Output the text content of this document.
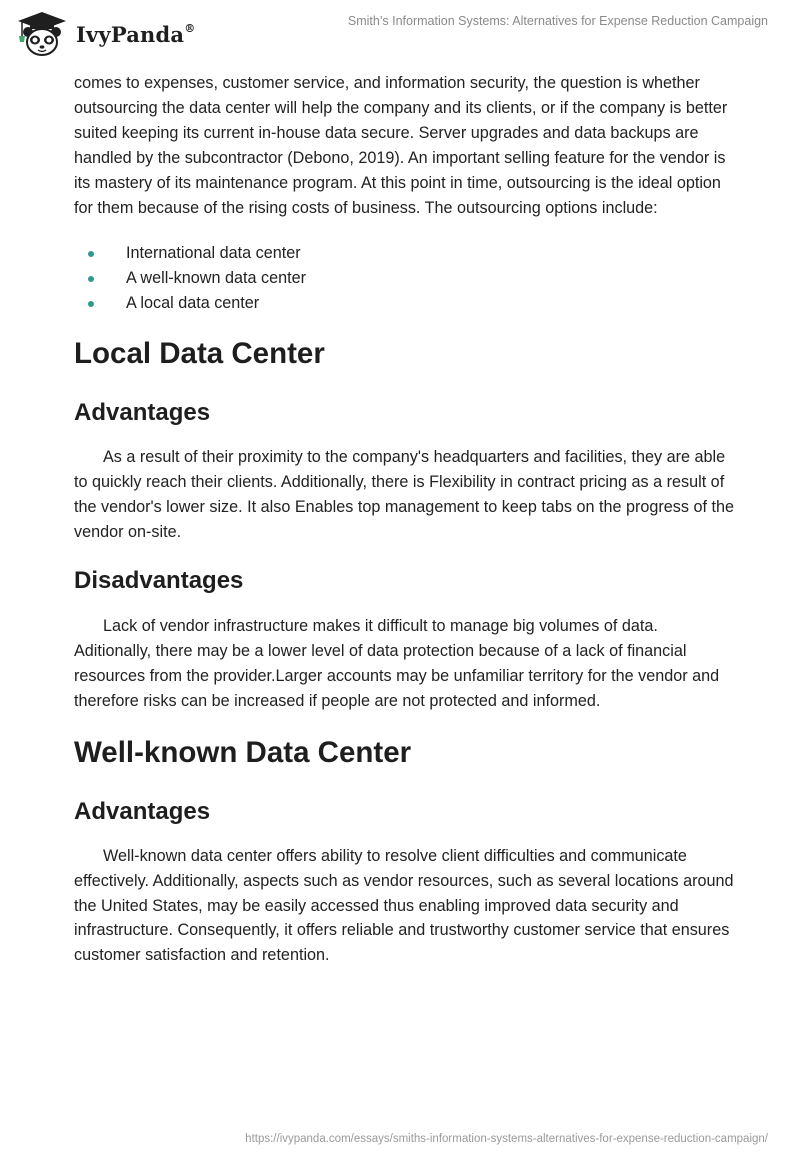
IvyPanda®	Smith’s Information Systems: Alternatives for Expense Reduction Campaign

comes to expenses, customer service, and information security, the question is whether outsourcing the data center will help the company and its clients, or if the company is better suited keeping its current in-house data secure. Server upgrades and data backups are handled by the subcontractor (Debono, 2019). An important selling feature for the vendor is its mastery of its maintenance program. At this point in time, outsourcing is the ideal option for them because of the rising costs of business. The outsourcing options include:

International data center
A well-known data center
A local data center
Local Data Center
Advantages

As a result of their proximity to the company's headquarters and facilities, they are able to quickly reach their clients. Additionally, there is Flexibility in contract pricing as a result of the vendor's lower size. It also Enables top management to keep tabs on the progress of the vendor on-site.

Disadvantages

Lack of vendor infrastructure makes it difficult to manage big volumes of data. Aditionally, there may be a lower level of data protection because of a lack of financial resources from the provider.Larger accounts may be unfamiliar territory for the vendor and therefore risks can be increased if people are not protected and informed.

Well-known Data Center
Advantages

Well-known data center offers ability to resolve client difficulties and communicate effectively. Additionally, aspects such as vendor resources, such as several locations around the United States, may be easily accessed thus enabling improved data security and infrastructure. Consequently, it offers reliable and trustworthy customer service that ensures customer satisfaction and retention.

https://ivypanda.com/essays/smiths-information-systems-alternatives-for-expense-reduction-campaign/
